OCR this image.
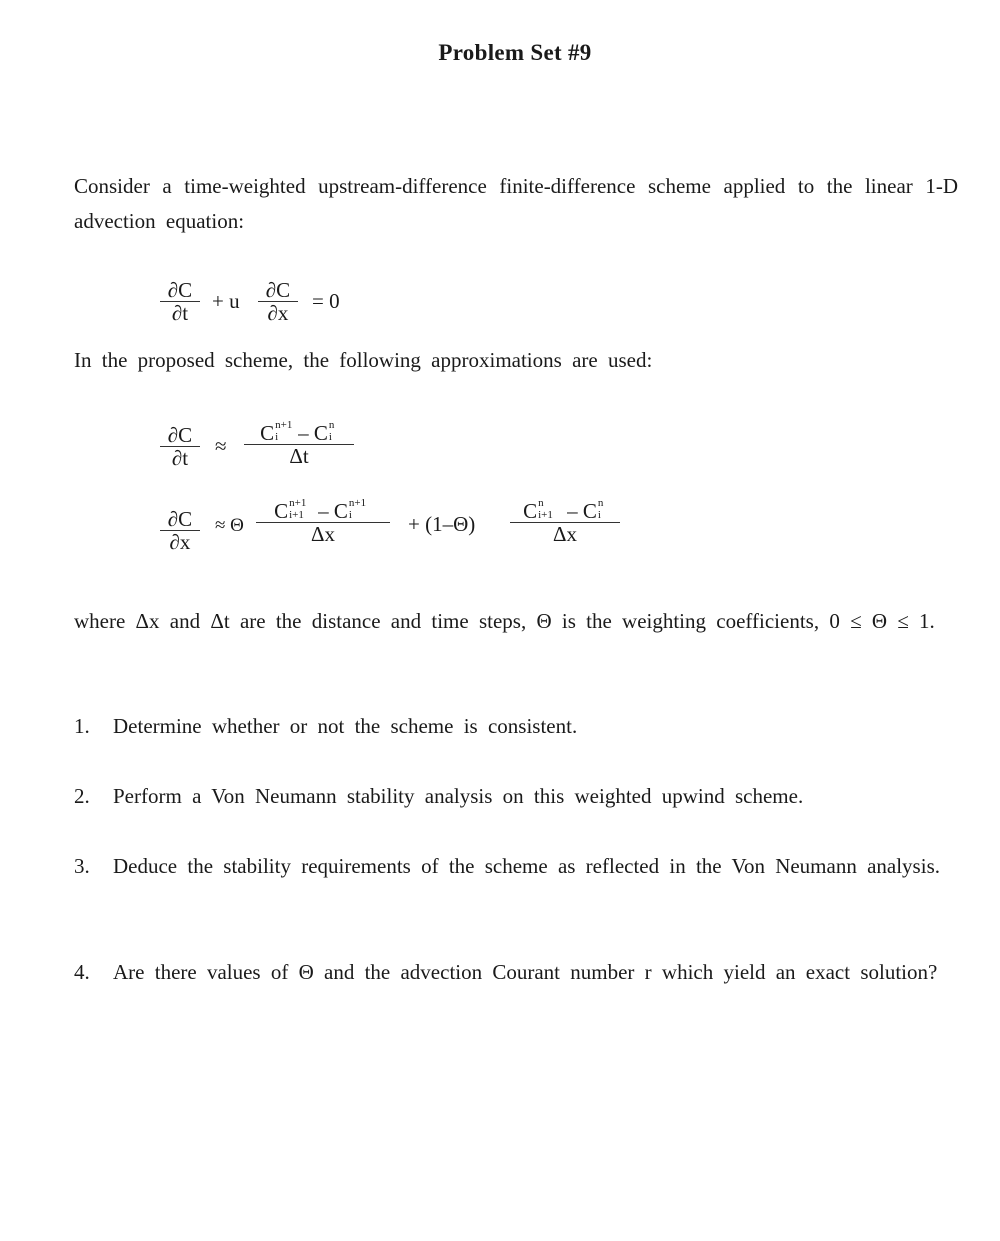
Problem Set #9
Consider a time-weighted upstream-difference finite-difference scheme applied to the linear 1-D advection equation:
∂C
∂t	+ u	∂C
∂x	= 0
In the proposed scheme, the following approximations are used:
∂C
∂t	≈
C n+1
i – C n
i
Δt
∂C
∂x
≈ Θ
C n+1
i+1 – C n+1
i
Δx	+ (1–Θ)
C n
i+1 – C n
i
Δx
where Δx and Δt are the distance and time steps, Θ is the weighting coefficients, 0 ≤ Θ ≤ 1.
1. Determine whether or not the scheme is consistent.
2. Perform a Von Neumann stability analysis on this weighted upwind scheme.
3. Deduce the stability requirements of the scheme as reflected in the Von Neumann analysis.
4. Are there values of Θ and the advection Courant number r which yield an exact solution?
